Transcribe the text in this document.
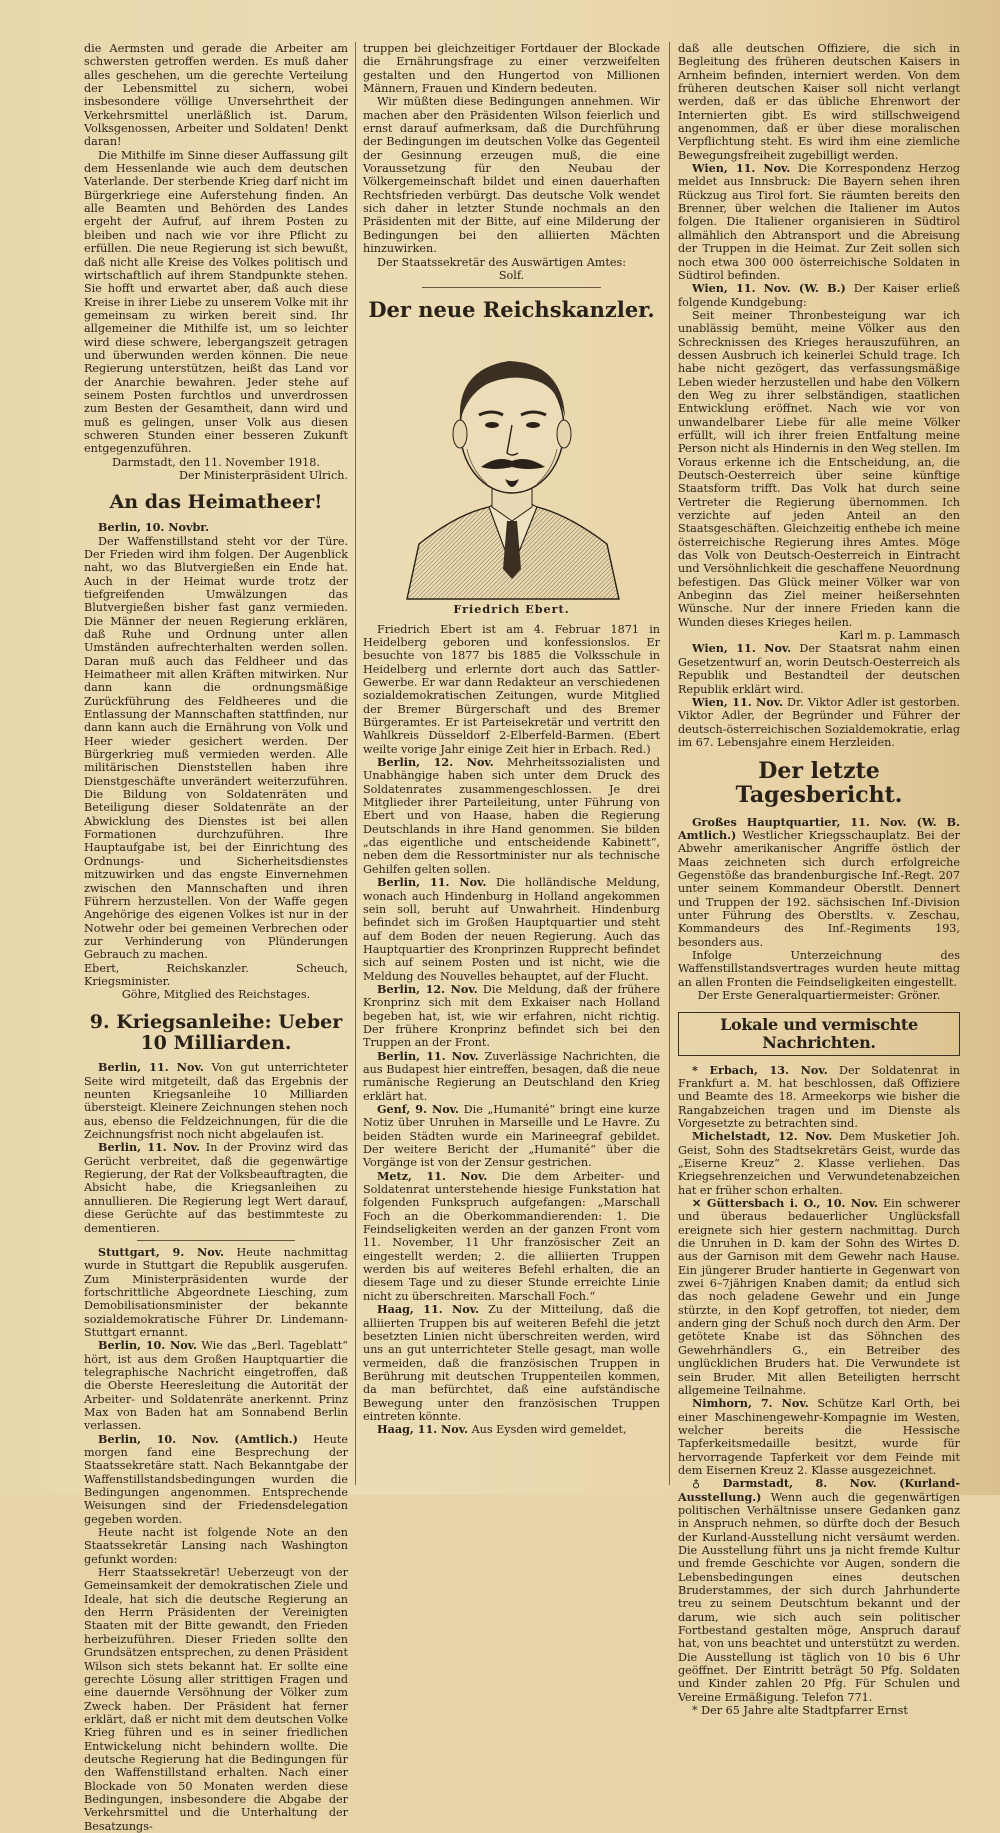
die Aermsten und gerade die Arbeiter am schwersten getroffen werden. Es muß daher alles geschehen, um die gerechte Verteilung der Lebensmittel zu sichern, wobei insbesondere völlige Unversehrtheit der Verkehrsmittel unerläßlich ist. Darum, Volksgenossen, Arbeiter und Soldaten! Denkt daran!

Die Mithilfe im Sinne dieser Auffassung gilt dem Hessenlande wie auch dem deutschen Vaterlande. Der sterbende Krieg darf nicht im Bürgerkriege eine Auferstehung finden. An alle Beamten und Behörden des Landes ergeht der Aufruf, auf ihrem Posten zu bleiben und nach wie vor ihre Pflicht zu erfüllen. Die neue Regierung ist sich bewußt, daß nicht alle Kreise des Volkes politisch und wirtschaftlich auf ihrem Standpunkte stehen. Sie hofft und erwartet aber, daß auch diese Kreise in ihrer Liebe zu unserem Volke mit ihr gemeinsam zu wirken bereit sind. Ihr allgemeiner die Mithilfe ist, um so leichter wird diese schwere, lebergangszeit getragen und überwunden werden können. Die neue Regierung unterstützen, heißt das Land vor der Anarchie bewahren. Jeder stehe auf seinem Posten furchtlos und unverdrossen zum Besten der Gesamtheit, dann wird und muß es gelingen, unser Volk aus diesen schweren Stunden einer besseren Zukunft entgegenzuführen.

Darmstadt, den 11. November 1918.

Der Ministerpräsident Ulrich.

An das Heimatheer!

Berlin, 10. Novbr.

Der Waffenstillstand steht vor der Türe. Der Frieden wird ihm folgen. Der Augenblick naht, wo das Blutvergießen ein Ende hat. Auch in der Heimat wurde trotz der tiefgreifenden Umwälzungen das Blutvergießen bisher fast ganz vermieden. Die Männer der neuen Regierung erklären, daß Ruhe und Ordnung unter allen Umständen aufrechterhalten werden sollen. Daran muß auch das Feldheer und das Heimatheer mit allen Kräften mitwirken. Nur dann kann die ordnungsmäßige Zurückführung des Feldheeres und die Entlassung der Mannschaften stattfinden, nur dann kann auch die Ernährung von Volk und Heer wieder gesichert werden. Der Bürgerkrieg muß vermieden werden. Alle militärischen Dienststellen haben ihre Dienstgeschäfte unverändert weiterzuführen. Die Bildung von Soldatenräten und Beteiligung dieser Soldatenräte an der Abwicklung des Dienstes ist bei allen Formationen durchzuführen. Ihre Hauptaufgabe ist, bei der Einrichtung des Ordnungs- und Sicherheitsdienstes mitzuwirken und das engste Einvernehmen zwischen den Mannschaften und ihren Führern herzustellen. Von der Waffe gegen Angehörige des eigenen Volkes ist nur in der Notwehr oder bei gemeinen Verbrechen oder zur Verhinderung von Plünderungen Gebrauch zu machen.

Ebert, Reichskanzler. Scheuch, Kriegsminister.

Göhre, Mitglied des Reichstages.

9. Kriegsanleihe: Ueber 10 Milliarden.

Berlin, 11. Nov. Von gut unterrichteter Seite wird mitgeteilt, daß das Ergebnis der neunten Kriegsanleihe 10 Milliarden übersteigt. Kleinere Zeichnungen stehen noch aus, ebenso die Feldzeichnungen, für die die Zeichnungsfrist noch nicht abgelaufen ist.

Berlin, 11. Nov. In der Provinz wird das Gerücht verbreitet, daß die gegenwärtige Regierung, der Rat der Volksbeauftragten, die Absicht habe, die Kriegsanleihen zu annullieren. Die Regierung legt Wert darauf, diese Gerüchte auf das bestimmteste zu dementieren.

Stuttgart, 9. Nov. Heute nachmittag wurde in Stuttgart die Republik ausgerufen. Zum Ministerpräsidenten wurde der fortschrittliche Abgeordnete Liesching, zum Demobilisationsminister der bekannte sozialdemokratische Führer Dr. Lindemann-Stuttgart ernannt.

Berlin, 10. Nov. Wie das „Berl. Tageblatt“ hört, ist aus dem Großen Hauptquartier die telegraphische Nachricht eingetroffen, daß die Oberste Heeresleitung die Autorität der Arbeiter- und Soldatenräte anerkennt. Prinz Max von Baden hat am Sonnabend Berlin verlassen.

Berlin, 10. Nov. (Amtlich.) Heute morgen fand eine Besprechung der Staatssekretäre statt. Nach Bekanntgabe der Waffenstillstandsbedingungen wurden die Bedingungen angenommen. Entsprechende Weisungen sind der Friedensdelegation gegeben worden.

Heute nacht ist folgende Note an den Staatssekretär Lansing nach Washington gefunkt worden:

Herr Staatssekretär! Ueberzeugt von der Gemeinsamkeit der demokratischen Ziele und Ideale, hat sich die deutsche Regierung an den Herrn Präsidenten der Vereinigten Staaten mit der Bitte gewandt, den Frieden herbeizuführen. Dieser Frieden sollte den Grundsätzen entsprechen, zu denen Präsident Wilson sich stets bekannt hat. Er sollte eine gerechte Lösung aller strittigen Fragen und eine dauernde Versöhnung der Völker zum Zweck haben. Der Präsident hat ferner erklärt, daß er nicht mit dem deutschen Volke Krieg führen und es in seiner friedlichen Entwickelung nicht behindern wollte. Die deutsche Regierung hat die Bedingungen für den Waffenstillstand erhalten. Nach einer Blockade von 50 Monaten werden diese Bedingungen, insbesondere die Abgabe der Verkehrsmittel und die Unterhaltung der Besatzungs-

truppen bei gleichzeitiger Fortdauer der Blockade die Ernährungsfrage zu einer verzweifelten gestalten und den Hungertod von Millionen Männern, Frauen und Kindern bedeuten.

Wir müßten diese Bedingungen annehmen. Wir machen aber den Präsidenten Wilson feierlich und ernst darauf aufmerksam, daß die Durchführung der Bedingungen im deutschen Volke das Gegenteil der Gesinnung erzeugen muß, die eine Voraussetzung für den Neubau der Völkergemeinschaft bildet und einen dauerhaften Rechtsfrieden verbürgt. Das deutsche Volk wendet sich daher in letzter Stunde nochmals an den Präsidenten mit der Bitte, auf eine Milderung der Bedingungen bei den alliierten Mächten hinzuwirken.

Der Staatssekretär des Auswärtigen Amtes:

Solf.

Der neue Reichskanzler.

Friedrich Ebert.

Friedrich Ebert ist am 4. Februar 1871 in Heidelberg geboren und konfessionslos. Er besuchte von 1877 bis 1885 die Volksschule in Heidelberg und erlernte dort auch das Sattler-Gewerbe. Er war dann Redakteur an verschiedenen sozialdemokratischen Zeitungen, wurde Mitglied der Bremer Bürgerschaft und des Bremer Bürgeramtes. Er ist Parteisekretär und vertritt den Wahlkreis Düsseldorf 2-Elberfeld-Barmen. (Ebert weilte vorige Jahr einige Zeit hier in Erbach. Red.)

Berlin, 12. Nov. Mehrheitssozialisten und Unabhängige haben sich unter dem Druck des Soldatenrates zusammengeschlossen. Je drei Mitglieder ihrer Parteileitung, unter Führung von Ebert und von Haase, haben die Regierung Deutschlands in ihre Hand genommen. Sie bilden „das eigentliche und entscheidende Kabinett“, neben dem die Ressortminister nur als technische Gehilfen gelten sollen.

Berlin, 11. Nov. Die holländische Meldung, wonach auch Hindenburg in Holland angekommen sein soll, beruht auf Unwahrheit. Hindenburg befindet sich im Großen Hauptquartier und steht auf dem Boden der neuen Regierung. Auch das Hauptquartier des Kronprinzen Rupprecht befindet sich auf seinem Posten und ist nicht, wie die Meldung des Nouvelles behauptet, auf der Flucht.

Berlin, 12. Nov. Die Meldung, daß der frühere Kronprinz sich mit dem Exkaiser nach Holland begeben hat, ist, wie wir erfahren, nicht richtig. Der frühere Kronprinz befindet sich bei den Truppen an der Front.

Berlin, 11. Nov. Zuverlässige Nachrichten, die aus Budapest hier eintreffen, besagen, daß die neue rumänische Regierung an Deutschland den Krieg erklärt hat.

Genf, 9. Nov. Die „Humanité“ bringt eine kurze Notiz über Unruhen in Marseille und Le Havre. Zu beiden Städten wurde ein Marineegraf gebildet. Der weitere Bericht der „Humanité“ über die Vorgänge ist von der Zensur gestrichen.

Metz, 11. Nov. Die dem Arbeiter- und Soldatenrat unterstehende hiesige Funkstation hat folgenden Funkspruch aufgefangen: „Marschall Foch an die Oberkommandierenden: 1. Die Feindseligkeiten werden an der ganzen Front vom 11. November, 11 Uhr französischer Zeit an eingestellt werden; 2. die alliierten Truppen werden bis auf weiteres Befehl erhalten, die an diesem Tage und zu dieser Stunde erreichte Linie nicht zu überschreiten. Marschall Foch.“

Haag, 11. Nov. Zu der Mitteilung, daß die alliierten Truppen bis auf weiteren Befehl die jetzt besetzten Linien nicht überschreiten werden, wird uns an gut unterrichteter Stelle gesagt, man wolle vermeiden, daß die französischen Truppen in Berührung mit deutschen Truppenteilen kommen, da man befürchtet, daß eine aufständische Bewegung unter den französischen Truppen eintreten könnte.

Haag, 11. Nov. Aus Eysden wird gemeldet,

daß alle deutschen Offiziere, die sich in Begleitung des früheren deutschen Kaisers in Arnheim befinden, interniert werden. Von dem früheren deutschen Kaiser soll nicht verlangt werden, daß er das übliche Ehrenwort der Internierten gibt. Es wird stillschweigend angenommen, daß er über diese moralischen Verpflichtung steht. Es wird ihm eine ziemliche Bewegungsfreiheit zugebilligt werden.

Wien, 11. Nov. Die Korrespondenz Herzog meldet aus Innsbruck: Die Bayern sehen ihren Rückzug aus Tirol fort. Sie räumten bereits den Brenner, über welchen die Italiener im Autos folgen. Die Italiener organisieren in Südtirol allmählich den Abtransport und die Abreisung der Truppen in die Heimat. Zur Zeit sollen sich noch etwa 300 000 österreichische Soldaten in Südtirol befinden.

Wien, 11. Nov. (W. B.) Der Kaiser erließ folgende Kundgebung:

Seit meiner Thronbesteigung war ich unablässig bemüht, meine Völker aus den Schrecknissen des Krieges herauszuführen, an dessen Ausbruch ich keinerlei Schuld trage. Ich habe nicht gezögert, das verfassungsmäßige Leben wieder herzustellen und habe den Völkern den Weg zu ihrer selbständigen, staatlichen Entwicklung eröffnet. Nach wie vor von unwandelbarer Liebe für alle meine Völker erfüllt, will ich ihrer freien Entfaltung meine Person nicht als Hindernis in den Weg stellen. Im Voraus erkenne ich die Entscheidung, an, die Deutsch-Oesterreich über seine künftige Staatsform trifft. Das Volk hat durch seine Vertreter die Regierung übernommen. Ich verzichte auf jeden Anteil an den Staatsgeschäften. Gleichzeitig enthebe ich meine österreichische Regierung ihres Amtes. Möge das Volk von Deutsch-Oesterreich in Eintracht und Versöhnlichkeit die geschaffene Neuordnung befestigen. Das Glück meiner Völker war von Anbeginn das Ziel meiner heißersehnten Wünsche. Nur der innere Frieden kann die Wunden dieses Krieges heilen.

Karl m. p. Lammasch

Wien, 11. Nov. Der Staatsrat nahm einen Gesetzentwurf an, worin Deutsch-Oesterreich als Republik und Bestandteil der deutschen Republik erklärt wird.

Wien, 11. Nov. Dr. Viktor Adler ist gestorben. Viktor Adler, der Begründer und Führer der deutsch-österreichischen Sozialdemokratie, erlag im 67. Lebensjahre einem Herzleiden.

Der letzte Tagesbericht.

Großes Hauptquartier, 11. Nov. (W. B. Amtlich.) Westlicher Kriegsschauplatz. Bei der Abwehr amerikanischer Angriffe östlich der Maas zeichneten sich durch erfolgreiche Gegenstöße das brandenburgische Inf.-Regt. 207 unter seinem Kommandeur Oberstlt. Dennert und Truppen der 192. sächsischen Inf.-Division unter Führung des Oberstlts. v. Zeschau, Kommandeurs des Inf.-Regiments 193, besonders aus.

Infolge Unterzeichnung des Waffenstillstandsvertrages wurden heute mittag an allen Fronten die Feindseligkeiten eingestellt.

Der Erste Generalquartiermeister: Gröner.

Lokale und vermischte Nachrichten.

* Erbach, 13. Nov. Der Soldatenrat in Frankfurt a. M. hat beschlossen, daß Offiziere und Beamte des 18. Armeekorps wie bisher die Rangabzeichen tragen und im Dienste als Vorgesetzte zu betrachten sind.

Michelstadt, 12. Nov. Dem Musketier Joh. Geist, Sohn des Stadtsekretärs Geist, wurde das „Eiserne Kreuz“ 2. Klasse verliehen. Das Kriegsehrenzeichen und Verwundetenabzeichen hat er früher schon erhalten.

✕ Güttersbach i. O., 10. Nov. Ein schwerer und überaus bedauerlicher Unglücksfall ereignete sich hier gestern nachmittag. Durch die Unruhen in D. kam der Sohn des Wirtes D. aus der Garnison mit dem Gewehr nach Hause. Ein jüngerer Bruder hantierte in Gegenwart von zwei 6–7jährigen Knaben damit; da entlud sich das noch geladene Gewehr und ein Junge stürzte, in den Kopf getroffen, tot nieder, dem andern ging der Schuß noch durch den Arm. Der getötete Knabe ist das Söhnchen des Gewehrhändlers G., ein Betreiber des unglücklichen Bruders hat. Die Verwundete ist sein Bruder. Mit allen Beteiligten herrscht allgemeine Teilnahme.

Nimhorn, 7. Nov. Schütze Karl Orth, bei einer Maschinengewehr-Kompagnie im Westen, welcher bereits die Hessische Tapferkeitsmedaille besitzt, wurde für hervorragende Tapferkeit vor dem Feinde mit dem Eisernen Kreuz 2. Klasse ausgezeichnet.

♁ Darmstadt, 8. Nov. (Kurland-Ausstellung.) Wenn auch die gegenwärtigen politischen Verhältnisse unsere Gedanken ganz in Anspruch nehmen, so dürfte doch der Besuch der Kurland-Ausstellung nicht versäumt werden. Die Ausstellung führt uns ja nicht fremde Kultur und fremde Geschichte vor Augen, sondern die Lebensbedingungen eines deutschen Bruderstammes, der sich durch Jahrhunderte treu zu seinem Deutschtum bekannt und der darum, wie sich auch sein politischer Fortbestand gestalten möge, Anspruch darauf hat, von uns beachtet und unterstützt zu werden. Die Ausstellung ist täglich von 10 bis 6 Uhr geöffnet. Der Eintritt beträgt 50 Pfg. Soldaten und Kinder zahlen 20 Pfg. Für Schulen und Vereine Ermäßigung. Telefon 771.

* Der 65 Jahre alte Stadtpfarrer Ernst
